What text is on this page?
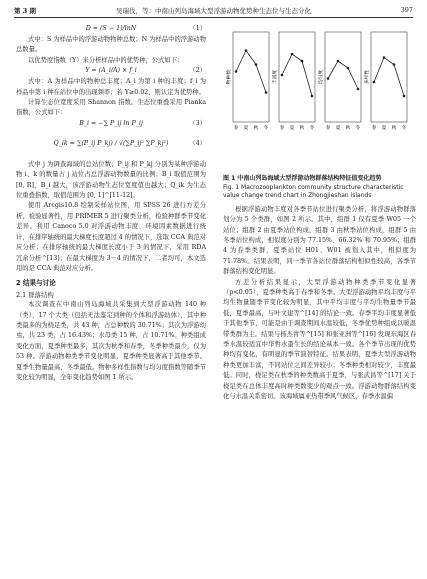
第 3 期	吴瑞伐，等：中南山列岛海域大型浮游动物优势种生态位与生态分化	397
D = (S − 1)/lnN	（1）

式中：S 为样品中的浮游动物物种总数；N 为样品中的浮游动物总数量。

以优势度指数（Y）来分析样品中的优势种，公式如下：

Y = (A_i/A) × f_i	（2）

式中：A 为样品中的物种总丰度；A_i 为第 i 种的丰度；f_i 为样品中第 i 种在站位中的出现频率；若 Y≥0.02，则认定为优势种。

计算生态位宽度采用 Shannon 指数。生态位重叠采用 Pianka 指数，公式如下：

B_i = −∑ P_ij ln P_ij	（3）
Q_ik = ∑(P_ij P_kj) / √(∑P_ij² ∑P_kj²)	（4）

式中 j 为调查海域的总站位数；P_ij 和 P_kj 分别为某种浮游动物 i、k 的数量占 j 站位占总浮游动物数量的比例；B_i 取值范围为 [0, R]，B_i 越大，该浮游动物生态位宽度值也越大；Q_ik 为生态位重叠指数，取值范围为 [0, 1]^[11-12]。

使用 Arcgis10.8 绘制采样站位图，用 SPSS 26 进行方差分析，检验显著性，用 PRIMER 5 进行聚类分析，检验种群季节变化差异。利用 Canoco 5.0 对浮游动物丰度、环境因素数据进行统计，在排序轴统的最大梯度长度超过 4 的情况下，选取 CCA 典范对应分析；在排序轴统的最大梯度长度小于 3 的情况下，采用 RDA 冗余分析^[13]；在最大梯度为 3－4 的情况下，二者均可，本文选用的是 CCA 典范对应分析。

2 结果与讨论
2.1 群落结构

本次调查在中南山列岛海域共采集到大型浮游动物 140 种（类），17 个大类（包括无法鉴定到种的个体和浮游幼体），其中种类最多的为桡足类，共 43 种，占总种数的 30.71%；其次为浮游幼虫，共 23 类，占 16.43%；水母类 15 种，占 10.71%。种类组成变化方面，夏季种类最多，其次为秋季和春季，冬季种类最少，仅为 53 种。浮游动物种类季节变化明显，夏季种类显著高于其他季节。夏季生物量最高，冬季最低。物种多样性指数与均匀度指数等随季节变化较为明显，全年变化趋势如图 1 所示。

春 夏 秋 冬
物种数
春 夏 秋 冬
丰富度
春 夏 秋 冬
均匀度
春 夏 秋 冬
多样性
图 1 中南山列岛海域大型浮游动物群落结构特征值变化趋势
Fig. 1 Macrozooplankton community structure characteristic value change trend chart in Zhongjieshan islands

根据浮游动物丰度对各季节站位进行聚类分析，将浮游动物群落划分为 5 个类群，如图 2 所示。其中，组群 1 仅有夏季 W05 一个站位；组群 2 由夏季站位构成，组群 3 由秋季站位构成，组群 5 由冬季站位构成，相似度分别为 77.15%、66.32% 和 70.95%；组群 4 为春季类群，夏季站位 H01、W01 被划入其中，相似度为 71.78%。结果表明，同一季节各站位群落结构相似性较高，各季节群落结构变化明显。

方差分析结果显示，大型浮游动物种类季节变化显著（p<0.05），夏季种类高于春季和冬季。大型浮游动物平均丰度与平均生物量随季节变化较为明显，其中平均丰度与平均生物量季节最低，夏季最高，与叶文建等^[14] 的结论一致。春季平均丰度显著低于其他季节，可能是由于调查期间水温较低，冬季优势种组成以暖温带类群为主。结果与杨杰青等^[15] 和张亚洲等^[16] 发现东海区春季水温较适宜中华哲水蚤生长的结论基本一致。各个季节出现的优势种均有变化，有明显的季节演替特征。结果表明，夏季大型浮游动物种类更加丰富，不同站位之间差异较小；冬季种类相对较少，丰度最低。同时，桡足类在秋季的种类数高于夏季，与张武昌等^[17] 关于桡足类在总体丰度高时种类数变少的观点一致。浮游动物群落结构变化与水温关系密切。该海域属亚热带季风气候区，春季水温偏
